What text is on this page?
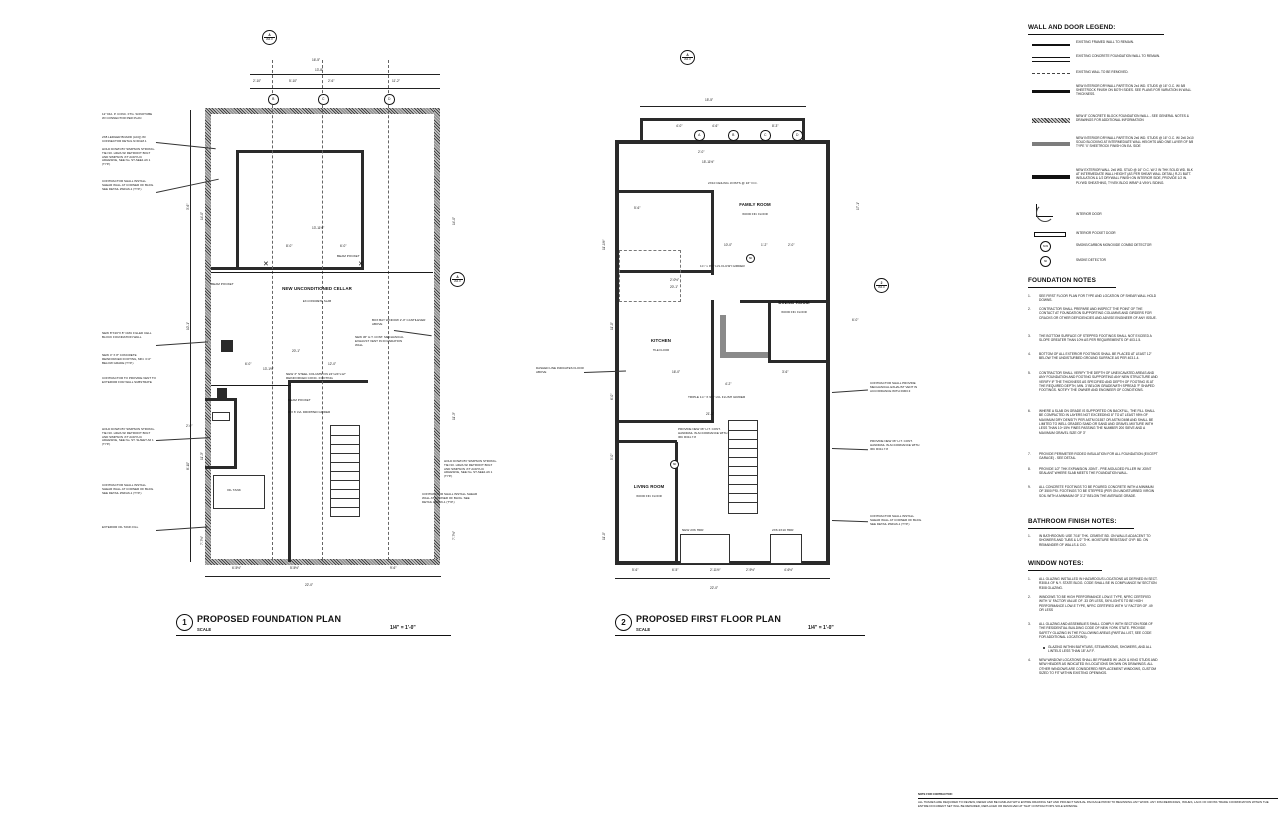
OIL TANK
NEW UNCONDITIONED CELLAR
EX.CONCRETE SLAB
BEAM POCKET
BEAM POCKET
BEAM POCKET
NEW 3" STEEL COLUMN ON 24"x24"x12" REINFORCED CONC. FOOTING
✕	✕
16'-5"
13'-8"
2'-10"	5'-10"	2'-6"	11'-2"
3'-6"
14'-0"
10'-1"
11'-3"
8'-10"
7'-7½"
14'-0"
11'-3"
7'-7½"
13'-11½"
8'-0"	6'-0"
20'-1"
6'-0"	12'-0"
2'-0"
13'-1½"
6'-5½"	5'-5½"
22'-0"
9'-6"
B	C	D
A
A5.0
A
A5.0
12" DIA. P. CONC. FTG. SONOTUBE W/ CONNECTOR PER PLAN
2X8 LEDGER BOARD (ACQ) W/ CONNECTOR DETAIL N=DGM.1
HOLD DOWN BY SIMPSON STRONG-TIE NO. HD2A W/ RETROFIT BOLT AND SIMPSON 'AT' ACRYLIC ADHESIVE, SEE No. ST-SEE1 A6 1 (TYP.)
CONTRACTOR SHALL INSTALL SHEAR WALL AT CORNER OF BLDG. SEE DETAIL #S0/A6-1 (TYP.)
NEW 8"X16"X 8" CMU FILLED CELL BLOCK FOUNDATION WALL
NEW 4" X 8" CONCRETE REINFORCED FOOTING, MIN. 3'-0" BELOW GRADE (TYP.)
CONTRACTOR TO PROVIDE VENT TO EXTERIOR FOR WALL SUBSTRATE
HOLD DOWN BY SIMPSON STRONG-TIE NO. HD2A W/ RETROFIT BOLT AND SIMPSON 'AT' ACRYLIC ADHESIVE, SEE No. ST. SH'EET A6 1 (TYP.)
CONTRACTOR SHALL INSTALL SHEAR WALL AT CORNER OF BLDG. SEE DETAIL #S6/A6-1 (TYP.)
EXTERIOR OIL TANK FILL
BOX BAY WINDOW 2'-0" CANTILEVER ABOVE
4' X 6' LVL DROPPED GIRDER
HOLD DOWN BY SIMPSON STRONG-TIE NO. HD2A W/ RETROFIT BOLT AND SIMPSON 'AT' ACRYLIC ADHESIVE, SEE No. ST-SEE1 A6 1 (TYP.)
CONTRACTOR SHALL INSTALL SHEAR WALL AT CORNER OF BLDG. SEE DETAIL #S0/A6-1 (TYP.)
NEW 36" H.T. CONT. MECHANICAL EXHAUST VENT IN FOUNDATION WALL
1	PROPOSED FOUNDATION PLAN
SCALE	1/4" = 1'-0"
FAMILY ROOM
WOOD FIN. FLOOR
DINING ROOM
WOOD FIN. FLOOR
KITCHEN
TILE FLOOR
LIVING ROOM
WOOD FIN. FLOOR
SD
SD
2X10 CEILING JOISTS @ 16" O.C.
1¾" x 9½" LVL FLUSH GIRDER
TRIPLE 1¾" X 9½" LVL FLUSH GIRDER
NEW 2X6 HDR	2X6 2X10 HDR
15'-5"
4'-0"	4'-6"	8'-3"
15'-11½"
5'-6"
2'-0"
10'-0"	1'-2"	2'-0"
2'-0½"
20'-1"
21'-1"
16'-0"
4'-2"
3'-6"
6'-0"
17'-1"
11'-1½"
11'-0"
6'-0"
5'-0"
11'-0"
5'-6"	6'-5"	2'-11½"	2'-9½"	4'-6½"
22'-0"
A	B	C	D
A
A5.0
2
A5.0
DASHED LINE INDICATES FLOOR ABOVE
PROVIDE NEW 36" H.T. CONT. HANDRAIL IN ACCORDANCE WITH IRC R311.7.8
PROVIDE NEW 36" H.T. CONT. HANDRAIL IN ACCORDANCE WITH IRC R311.7.8
CONTRACTOR SHALL PROVIDE MECHANICAL EXHAUST VENT IN ACCORDANCE WITH R303.3
CONTRACTOR SHALL INSTALL SHEAR WALL AT CORNER OF BLDG. SEE DETAIL #S6/A6-1 (TYP.)
2	PROPOSED FIRST FLOOR PLAN
SCALE	1/4" = 1'-0"
WALL AND DOOR LEGEND:
EXISTING FRAMED WALL TO REMAIN.
EXISTING CONCRETE FOUNDATION WALL TO REMAIN.
EXISTING WALL TO BE REMOVED.
NEW INTERIOR DRYWALL PARTITION 2x4 WD. STUDS @ 16" O.C. W/ 5/8 SHEETROCK FINISH ON BOTH SIDES. SEE PLANS FOR VARIATION IN WALL THICKNESS.
NEW 8" CONCRETE BLOCK FOUNDATION WALL - SEE GENERAL NOTES & DRAWINGS FOR ADDITIONAL INFORMATION
NEW INTERIOR DRYWALL PARTITION 2x6 WD. STUDS @ 16" O.C. W/ 2x6 2x10 SOLID BLOCKING AT INTERMEDIATE WALL HEIGHTS AND ONE LAYER OF 5/8 TYPE 'X' SHEETROCK FINISH ON EA. SIDE
NEW EXTERIOR WALL 2x6 WD. STUD @ 16" O.C. W/ 2 IN THK SOLID WD. BLK AT INTERMEDIATE WALL HEIGHT (AS PER SHEAR WALL DETAIL) R-21 BATT. INSULATION & 1/2 DRYWALL FINISH ON INTERIOR SIDE, PROVIDE 1/2 IN. PLYWD SHEATHING, TYVEK BLDG WRAP & VINYL SIDING.
INTERIOR DOOR
INTERIOR POCKET DOOR
SMOKE/CARBON MONOXIDE COMBO DETECTOR
SCM
SMOKE DETECTOR
SD
FOUNDATION NOTES
1.	SEE FIRST FLOOR PLAN FOR TYPE AND LOCATION OF SHEAR WALL HOLD DOWNS.
2.	CONTRACTOR SHALL PREPARE AND INSPECT THE POINT OF THE CONTACT AT FOUNDATION SUPPORTING COLUMNS AND GIRDERS FOR CRACKS OR OTHER DEFICIENCIES AND ADVISE ENGINEER OF ANY ISSUE.
3.	THE BOTTOM SURFACE OF STEPPED FOOTINGS SHALL NOT EXCEED A SLOPE GREATER THAN 10% AS PER REQUIREMENTS OF 403.1.5.
4.	BOTTOM OF ALL EXTERIOR FOOTINGS SHALL BE PLACED AT LEAST 12" BELOW THE UNDISTURBED GROUND SURFACE AS PER 403.1.4.
5.	CONTRACTOR SHALL VERIFY THE DEPTH OF UNEXCAVATED AREAS AND ANY FOUNDATION AND FOOTING SUPPORTING ANY NEW STRUCTURE AND VERIFY IF THE THICKNESS AS SPECIFIED AND DEPTH OF FOOTING IS AT THE REQUIRED DEPTH, MIN. 3' BELOW GRADE/WITH SPREAD 'F' SHAPED FOOTINGS. NOTIFY THE OWNER AND ENGINEER OF CONDITIONS.
6.	WHERE A SLAB ON GRADE IS SUPPORTED ON BACKFILL, THE FILL SHALL BE COMPACTED IN LAYERS NOT EXCEEDING 8" TO AT LEAST 95% OF MAXIMUM DRY DENSITY PER ASTM D1557 OR ASTM D698 AND SHALL BE LIMITED TO WELL GRADED SAND OR SAND AND GRAVEL MIXTURE WITH LESS THAN 10~15% FINES PASSING THE NUMBER 200 SIEVE AND A MAXIMUM GRAVEL SIZE OF 3"
7.	PROVIDE PERIMETER RODEO INSULATION FOR ALL FOUNDATION (EXCEPT GARAGE) - SEE DETAIL.
8.	PROVIDE 1/2" THK EXPANSION JOINT - PRE-MOULDED FILLER W/ JOINT SEALANT WHERE SLAB MEETS THE FOUNDATION WALL.
9.	ALL CONCRETE FOOTINGS TO BE POURED CONCRETE WITH A MINIMUM OF 3500 PSI. FOOTINGS TO BE STEPPED (PER ON UNDISTURBED VIRGIN SOIL WITH A MINIMUM OF 3'-2" BELOW THE AVERAGE GRADE.
BATHROOM FINISH NOTES:
1.	IN BATHROOMS: USE 7/16" THK. CEMENT BD. ON WALLS ADJACENT TO SHOWERS AND TUBS & 1/2" THK. MOISTURE RESISTANT GYP. BD. ON REMAINDER OF WALLS & C/O.
WINDOW NOTES:
1.	ALL GLAZING INSTALLED IN HAZARDOUS LOCATIONS AS DEFINED IN SECT. R308.4 OF N.Y. STATE BLDG. CODE SHALL BE IN COMPLIANCE W/ SECTION R308 GLAZING.
2.	WINDOWS TO BE HIGH PERFORMANCE LOW-E TYPE, NFRC CERTIFIED WITH 'U' FACTOR VALUE OF .33 OR LESS, SKYLIGHTS TO BE HIGH PERFORMANCE LOW-E TYPE, NFRC CERTIFIED WITH 'U' FACTOR OF .49 OR LESS
3.	ALL GLAZING AND ASSEMBLIES SHALL COMPLY WITH SECTION R308 OF THE RESIDENTIAL BUILDING CODE OF NEW YORK STATE. PROVIDE SAFETY GLAZING IN THE FOLLOWING AREAS (PARTIAL LIST, SEE CODE FOR ADDITIONAL LOCATIONS):
GLAZING WITHIN BATHTUBS, STEAMROOMS, SHOWERS, AND ALL LINTELS LESS THAN 18" A.F.F.
4.	NEW WINDOW LOCATIONS SHALL BE FRAMED W/ JACK & KING STUDS AND NEW HEADER AS INDICATED IN LOCATIONS SHOWN ON DRAWINGS. ALL OTHER WINDOWS ARE CONSIDERED REPLACEMENT WINDOWS, CUSTOM SIZED TO FIT WITHIN EXISTING OPENINGS.
NOTE FOR CONTRACTOR:
ALL TRADES ARE REQUIRED TO REVIEW, REFER AND BE FAMILIAR WITH ENTIRE DRAWING SET AND PROJECT MANUAL PACKAGE PRIOR TO BEGINNING ANY WORK. ANY DISCREPANCIES, ISSUES, LACK OF CROSS TRADE COORDINATION WITHIN THE ENTIRE DOCUMENT SET WILL BE REPAIRED, REPLACED OR RESOLVED AT THAT CONTRACTOR'S SOLE EXPENSE.
